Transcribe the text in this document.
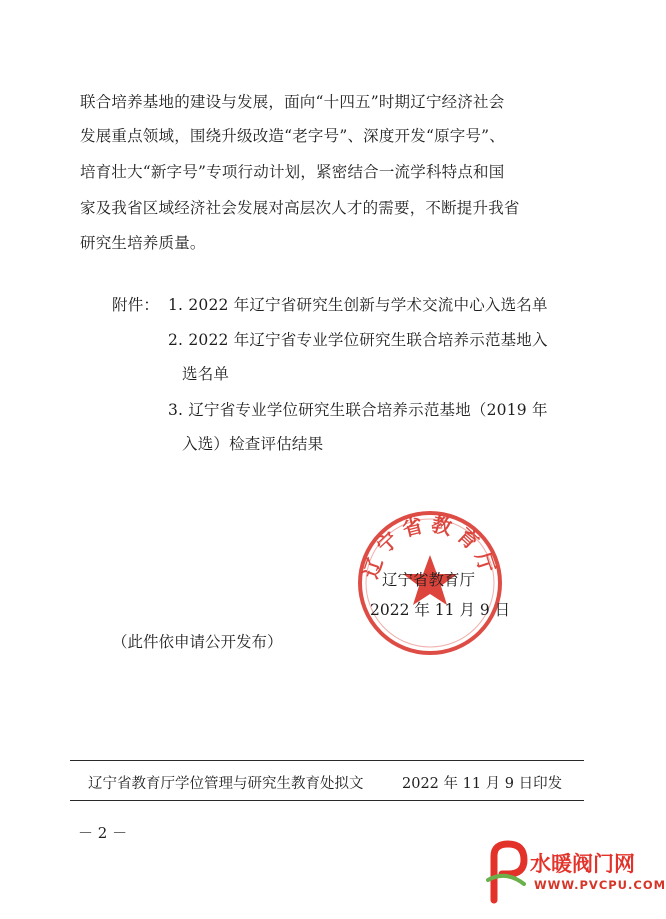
联合培养基地的建设与发展，面向“十四五”时期辽宁经济社会
发展重点领域，围绕升级改造“老字号”、深度开发“原字号”、
培育壮大“新字号”专项行动计划，紧密结合一流学科特点和国
家及我省区域经济社会发展对高层次人才的需要，不断提升我省
研究生培养质量。
附件： 1. 2022 年辽宁省研究生创新与学术交流中心入选名单
2. 2022 年辽宁省专业学位研究生联合培养示范基地入
选名单
3. 辽宁省专业学位研究生联合培养示范基地（2019 年
入选）检查评估结果
辽宁省教育厅
辽宁省教育厅
2022 年 11 月 9 日
（此件依申请公开发布）
辽宁省教育厅学位管理与研究生教育处拟文	2022 年 11 月 9 日印发
－ 2 －
水暖阀门网
WWW.PVCPU.COM
